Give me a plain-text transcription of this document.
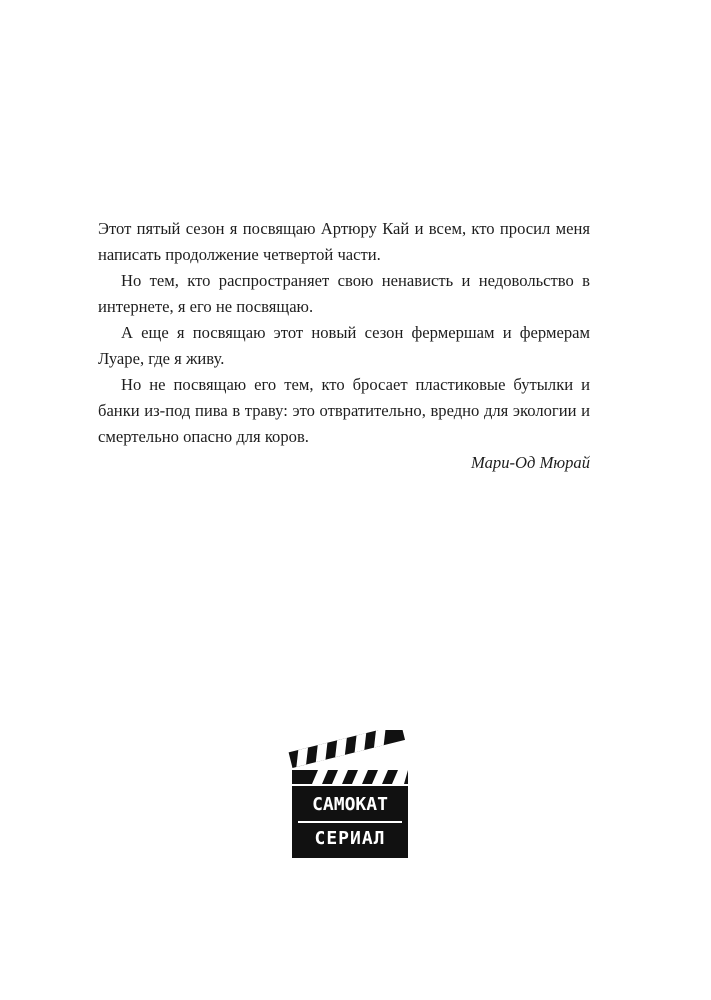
Этот пятый сезон я посвящаю Артюру Кай и всем, кто просил меня написать продолжение четвертой части.

Но тем, кто распространяет свою ненависть и недовольство в интернете, я его не посвящаю.

А еще я посвящаю этот новый сезон фермершам и фермерам Луаре, где я живу.

Но не посвящаю его тем, кто бросает пластиковые бутылки и банки из-под пива в траву: это отвратительно, вредно для экологии и смертельно опасно для коров.

Мари-Од Мюрай

САМОКАТ
СЕРИАЛ
